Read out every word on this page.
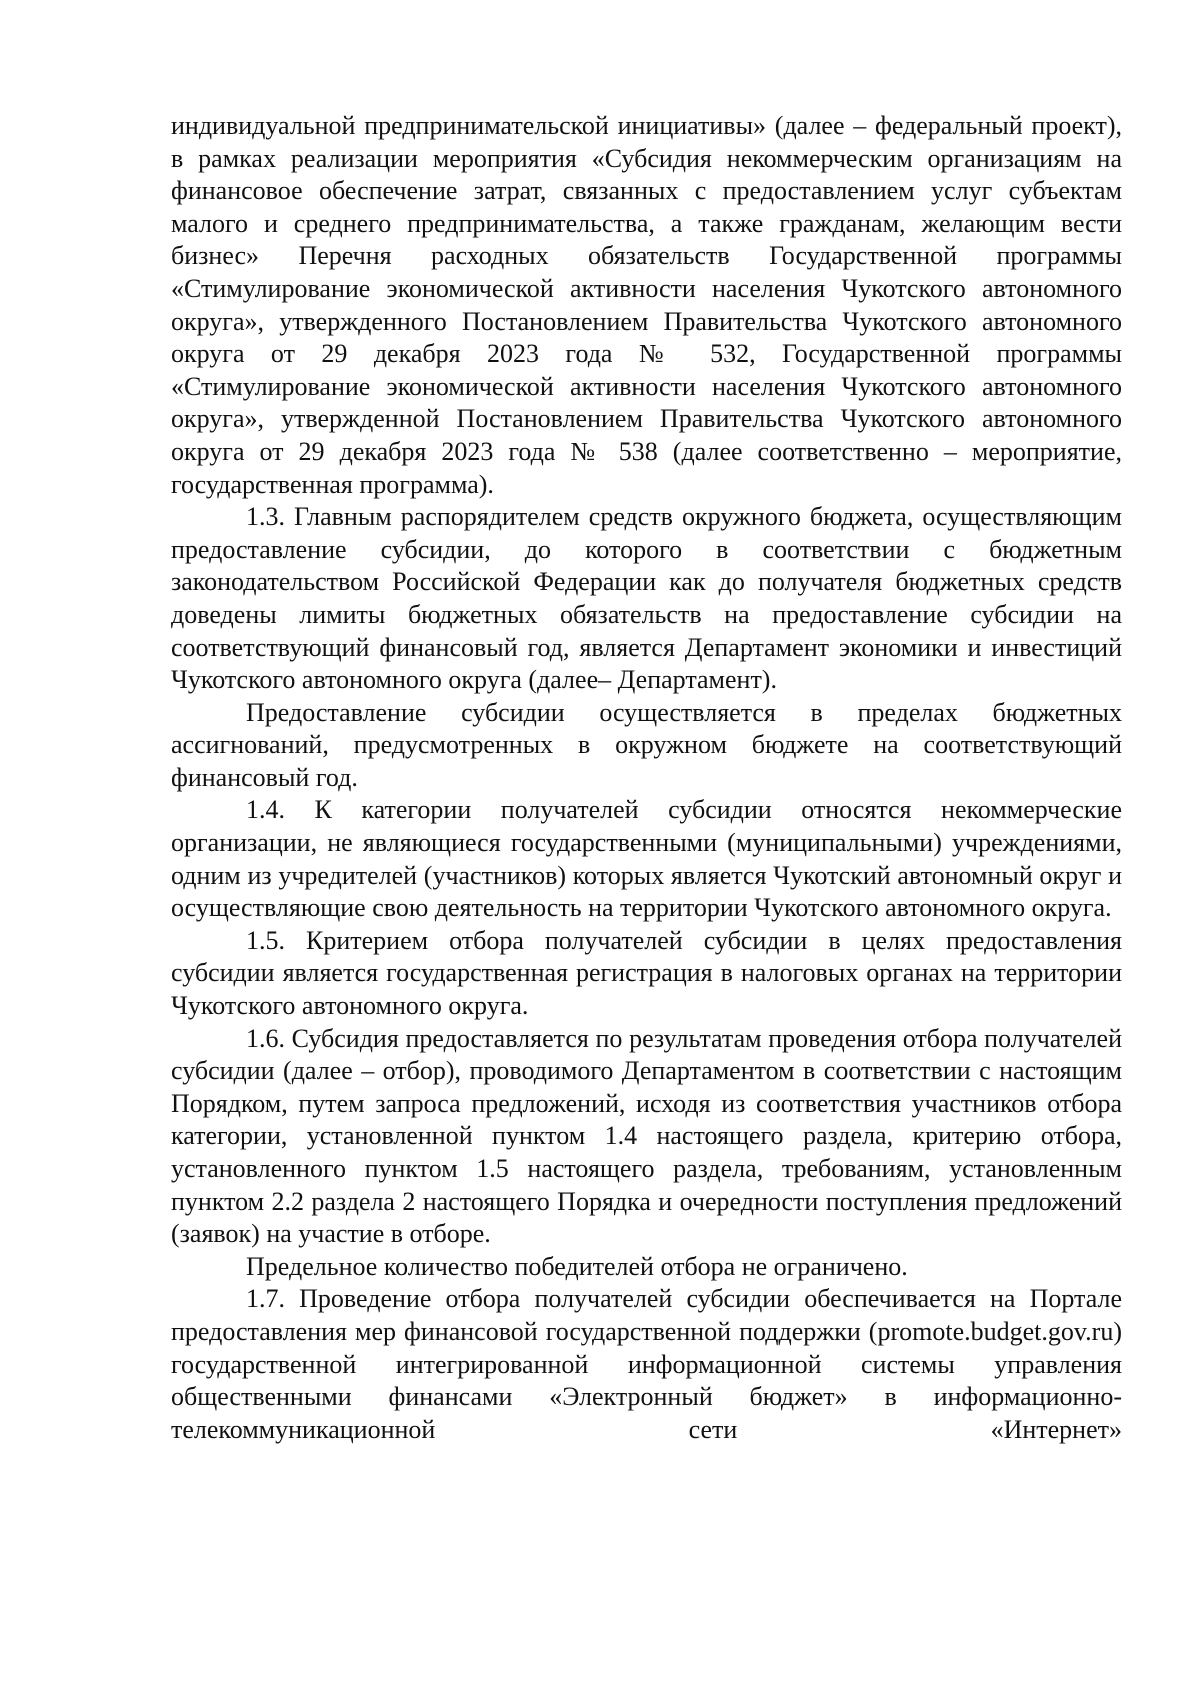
индивидуальной предпринимательской инициативы» (далее – федеральный проект), в рамках реализации мероприятия «Субсидия некоммерческим организациям на финансовое обеспечение затрат, связанных с предоставлением услуг субъектам малого и среднего предпринимательства, а также гражданам, желающим вести бизнес» Перечня расходных обязательств Государственной программы «Стимулирование экономической активности населения Чукотского автономного округа», утвержденного Постановлением Правительства Чукотского автономного округа от 29 декабря 2023 года № 532, Государственной программы «Стимулирование экономической активности населения Чукотского автономного округа», утвержденной Постановлением Правительства Чукотского автономного округа от 29 декабря 2023 года № 538 (далее соответственно – мероприятие, государственная программа).

1.3. Главным распорядителем средств окружного бюджета, осуществляющим предоставление субсидии, до которого в соответствии с бюджетным законодательством Российской Федерации как до получателя бюджетных средств доведены лимиты бюджетных обязательств на предоставление субсидии на соответствующий финансовый год, является Департамент экономики и инвестиций Чукотского автономного округа (далее– Департамент).

Предоставление субсидии осуществляется в пределах бюджетных ассигнований, предусмотренных в окружном бюджете на соответствующий финансовый год.

1.4. К категории получателей субсидии относятся некоммерческие организации, не являющиеся государственными (муниципальными) учреждениями, одним из учредителей (участников) которых является Чукотский автономный округ и осуществляющие свою деятельность на территории Чукотского автономного округа.

1.5. Критерием отбора получателей субсидии в целях предоставления субсидии является государственная регистрация в налоговых органах на территории Чукотского автономного округа.

1.6. Субсидия предоставляется по результатам проведения отбора получателей субсидии (далее – отбор), проводимого Департаментом в соответствии с настоящим Порядком, путем запроса предложений, исходя из соответствия участников отбора категории, установленной пунктом 1.4 настоящего раздела, критерию отбора, установленного пунктом 1.5 настоящего раздела, требованиям, установленным пунктом 2.2 раздела 2 настоящего Порядка и очередности поступления предложений (заявок) на участие в отборе.

Предельное количество победителей отбора не ограничено.

1.7. Проведение отбора получателей субсидии обеспечивается на Портале предоставления мер финансовой государственной поддержки (promote.budget.gov.ru) государственной интегрированной информационной системы управления общественными финансами «Электронный бюджет» в информационно-телекоммуникационной сети «Интернет»
